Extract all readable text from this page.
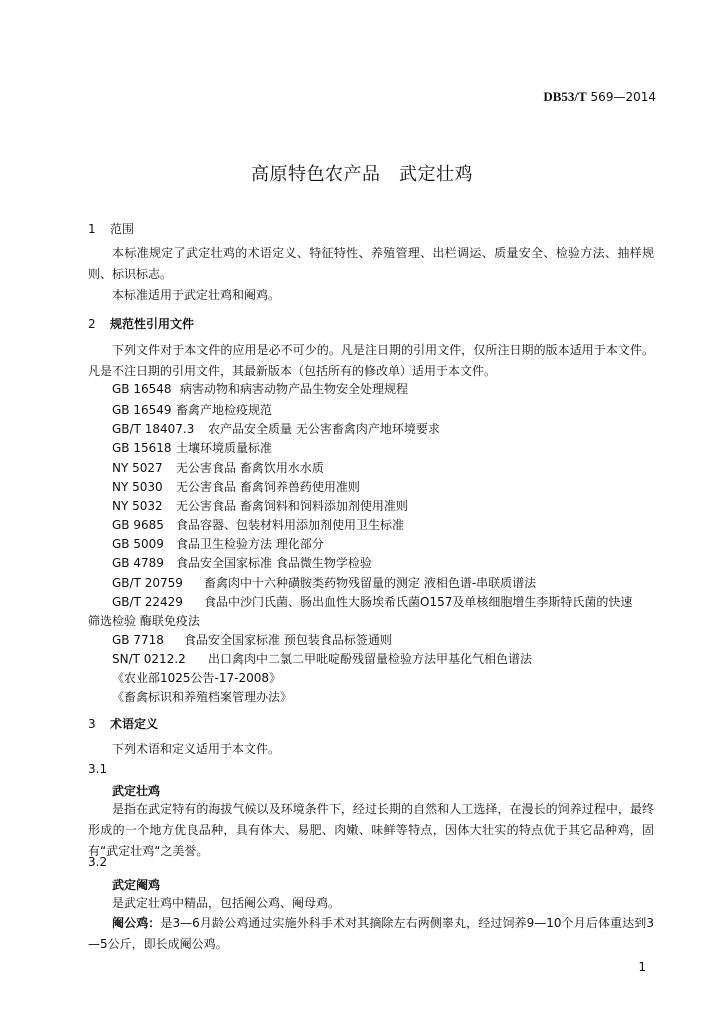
DB53/T 569—2014
高原特色农产品　武定壮鸡
1 范围
本标准规定了武定壮鸡的术语定义、特征特性、养殖管理、出栏调运、质量安全、检验方法、抽样规则、标识标志。
本标准适用于武定壮鸡和阉鸡。
2 规范性引用文件
下列文件对于本文件的应用是必不可少的。凡是注日期的引用文件，仅所注日期的版本适用于本文件。凡是不注日期的引用文件，其最新版本（包括所有的修改单）适用于本文件。
GB 16548 病害动物和病害动物产品生物安全处理规程
GB 16549 畜禽产地检疫规范
GB/T 18407.3 农产品安全质量 无公害畜禽肉产地环境要求
GB 15618 土壤环境质量标准
NY 5027 无公害食品 畜禽饮用水水质
NY 5030 无公害食品 畜禽饲养兽药使用准则
NY 5032 无公害食品 畜禽饲料和饲料添加剂使用准则
GB 9685 食品容器、包装材料用添加剂使用卫生标准
GB 5009 食品卫生检验方法 理化部分
GB 4789 食品安全国家标准 食品微生物学检验
GB/T 20759 畜禽肉中十六种磺胺类药物残留量的测定 液相色谱-串联质谱法
GB/T 22429 食品中沙门氏菌、肠出血性大肠埃希氏菌O157及单核细胞增生李斯特氏菌的快速
筛选检验 酶联免疫法
GB 7718 食品安全国家标准 预包装食品标签通则
SN/T 0212.2 出口禽肉中二氯二甲吡啶酚残留量检验方法甲基化气相色谱法
《农业部1025公告-17-2008》
《畜禽标识和养殖档案管理办法》
3 术语定义
下列术语和定义适用于本文件。
3.1
武定壮鸡
是指在武定特有的海拔气候以及环境条件下，经过长期的自然和人工选择，在漫长的饲养过程中，最终形成的一个地方优良品种，具有体大、易肥、肉嫩、味鲜等特点，因体大壮实的特点优于其它品种鸡，固有“武定壮鸡“之美誉。
3.2
武定阉鸡
是武定壮鸡中精品，包括阉公鸡、阉母鸡。
阉公鸡：是3—6月龄公鸡通过实施外科手术对其摘除左右两侧睾丸，经过饲养9—10个月后体重达到3—5公斤，即长成阉公鸡。
1
